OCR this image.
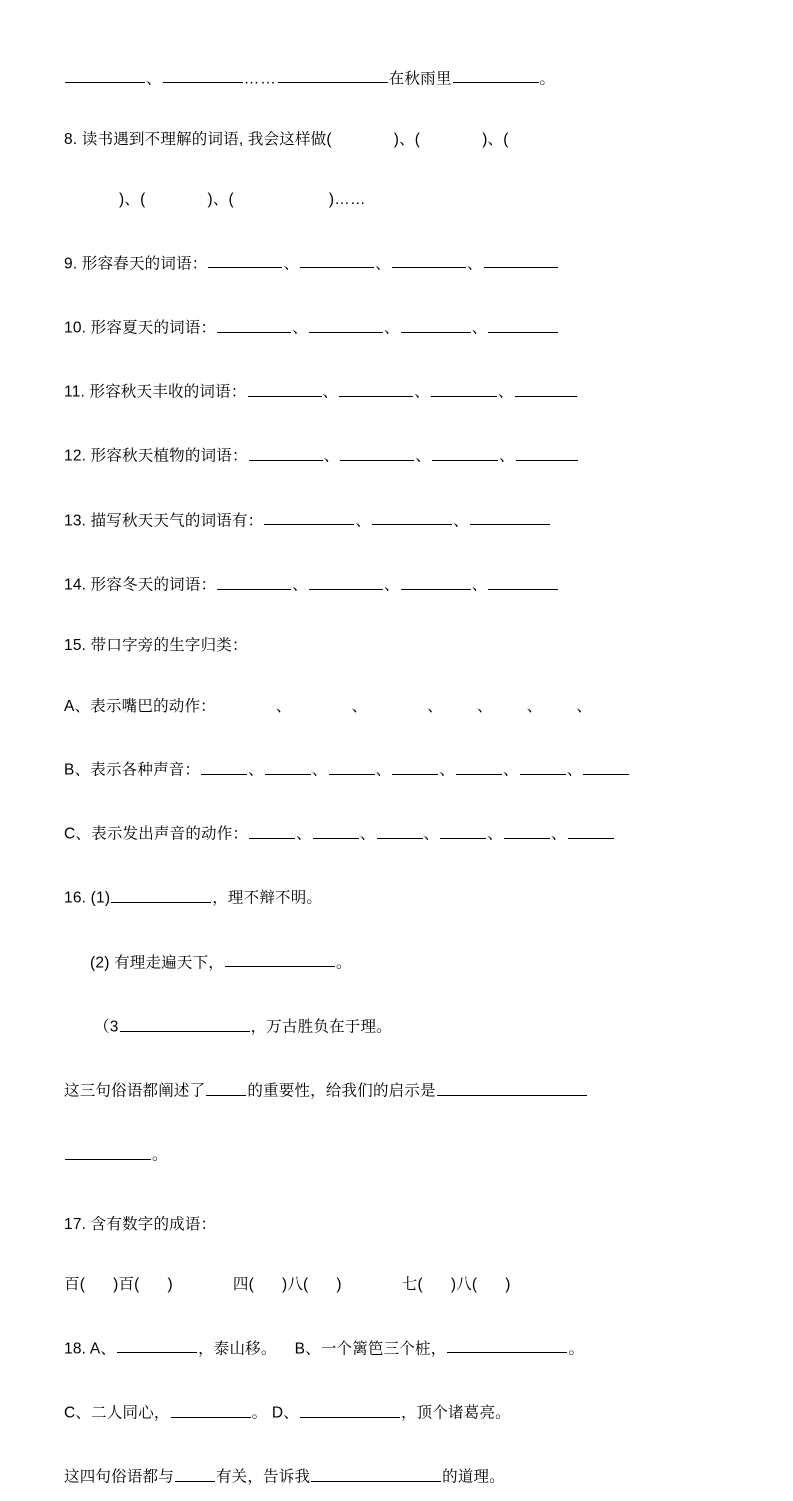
、	……	在秋雨里	。

8. 读书遇到不理解的词语, 我会这样做(	)、(	)、(

)、(	)、(	)……

9. 形容春天的词语：	、	、	、

10. 形容夏天的词语：	、	、	、

11. 形容秋天丰收的词语：	、	、	、

12. 形容秋天植物的词语：	、	、	、

13. 描写秋天天气的词语有：	、	、

14. 形容冬天的词语：	、	、	、

15. 带口字旁的生字归类：

A、表示嘴巴的动作：	、	、	、 、 、 、

B、表示各种声音：	、	、	、	、	、	、

C、表示发出声音的动作：	、	、	、	、	、

16. (1)	，理不辩不明。

(2) 有理走遍天下，	。

（3	，万古胜负在于理。

这三句俗语都阐述了	的重要性，给我们的启示是

。

17. 含有数字的成语：

百( )百( )	四( )八( )	七( )八( )

18. A、	，泰山移。 B、一个篱笆三个桩，	。

C、二人同心，	。 D、	，顶个诸葛亮。

这四句俗语都与	有关，告诉我	的道理。
